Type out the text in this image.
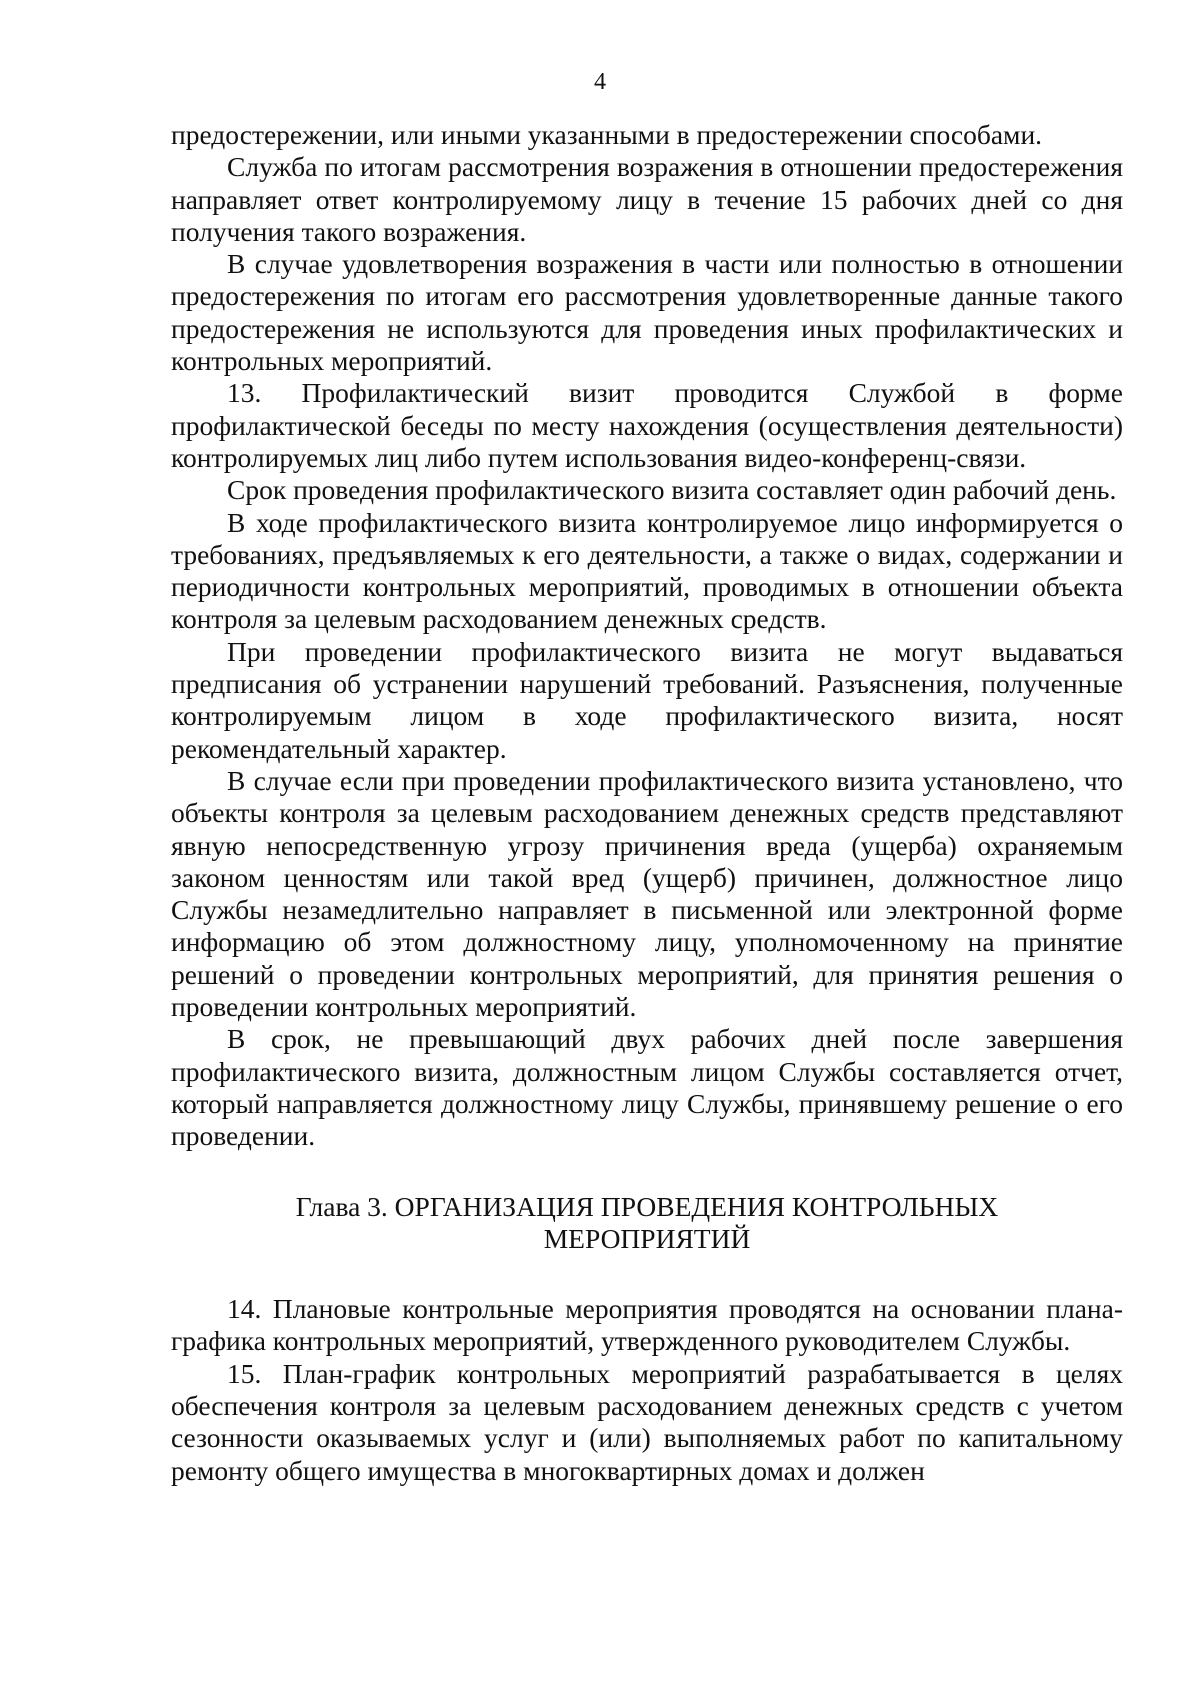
4

предостережении, или иными указанными в предостережении способами.

Служба по итогам рассмотрения возражения в отношении предостережения направляет ответ контролируемому лицу в течение 15 рабочих дней со дня получения такого возражения.

В случае удовлетворения возражения в части или полностью в отношении предостережения по итогам его рассмотрения удовлетворенные данные такого предостережения не используются для проведения иных профилактических и контрольных мероприятий.

13. Профилактический визит проводится Службой в форме профилактической беседы по месту нахождения (осуществления деятельности) контролируемых лиц либо путем использования видео-конференц-связи.

Срок проведения профилактического визита составляет один рабочий день.

В ходе профилактического визита контролируемое лицо информируется о требованиях, предъявляемых к его деятельности, а также о видах, содержании и периодичности контрольных мероприятий, проводимых в отношении объекта контроля за целевым расходованием денежных средств.

При проведении профилактического визита не могут выдаваться предписания об устранении нарушений требований. Разъяснения, полученные контролируемым лицом в ходе профилактического визита, носят рекомендательный характер.

В случае если при проведении профилактического визита установлено, что объекты контроля за целевым расходованием денежных средств представляют явную непосредственную угрозу причинения вреда (ущерба) охраняемым законом ценностям или такой вред (ущерб) причинен, должностное лицо Службы незамедлительно направляет в письменной или электронной форме информацию об этом должностному лицу, уполномоченному на принятие решений о проведении контрольных мероприятий, для принятия решения о проведении контрольных мероприятий.

В срок, не превышающий двух рабочих дней после завершения профилактического визита, должностным лицом Службы составляется отчет, который направляется должностному лицу Службы, принявшему решение о его проведении.

Глава 3. ОРГАНИЗАЦИЯ ПРОВЕДЕНИЯ КОНТРОЛЬНЫХ
МЕРОПРИЯТИЙ

14. Плановые контрольные мероприятия проводятся на основании плана-графика контрольных мероприятий, утвержденного руководителем Службы.

15. План-график контрольных мероприятий разрабатывается в целях обеспечения контроля за целевым расходованием денежных средств с учетом сезонности оказываемых услуг и (или) выполняемых работ по капитальному ремонту общего имущества в многоквартирных домах и должен
